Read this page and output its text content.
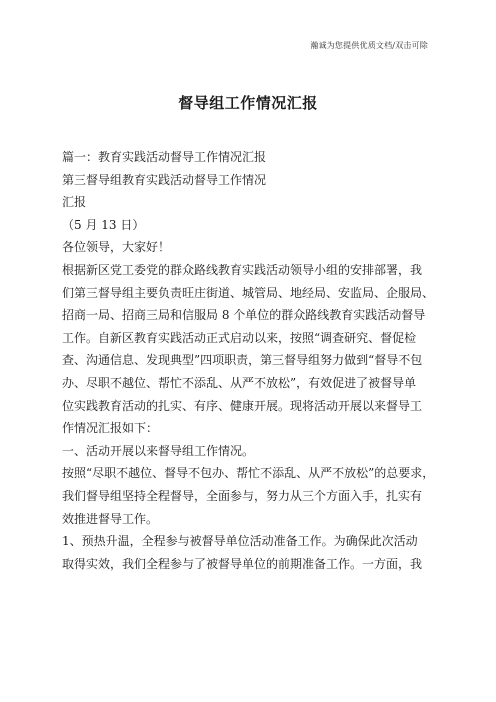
瀚诚为您提供优质文档/双击可除
督导组工作情况汇报
篇一：教育实践活动督导工作情况汇报
第三督导组教育实践活动督导工作情况
汇报
（5 月 13 日）
各位领导，大家好！
根据新区党工委党的群众路线教育实践活动领导小组的安排部署，我
们第三督导组主要负责旺庄街道、城管局、地经局、安监局、企服局、
招商一局、招商三局和信服局 8 个单位的群众路线教育实践活动督导
工作。自新区教育实践活动正式启动以来，按照“调查研究、督促检
查、沟通信息、发现典型”四项职责，第三督导组努力做到“督导不包
办、尽职不越位、帮忙不添乱、从严不放松”，有效促进了被督导单
位实践教育活动的扎实、有序、健康开展。现将活动开展以来督导工
作情况汇报如下：
一、活动开展以来督导组工作情况。
按照“尽职不越位、督导不包办、帮忙不添乱、从严不放松”的总要求，
我们督导组坚持全程督导，全面参与，努力从三个方面入手，扎实有
效推进督导工作。
1、预热升温，全程参与被督导单位活动准备工作。为确保此次活动
取得实效，我们全程参与了被督导单位的前期准备工作。一方面，我
